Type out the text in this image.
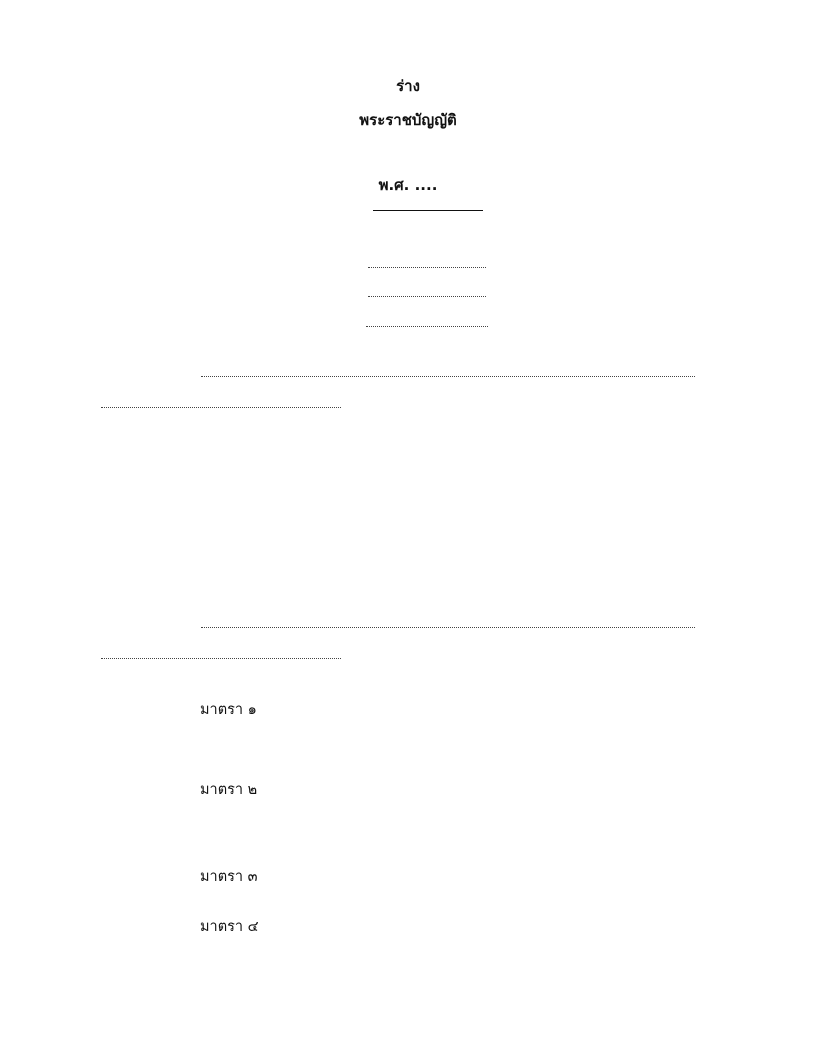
ร่าง
พระราชบัญญัติ
พ.ศ. ....
มาตรา ๑
มาตรา ๒
มาตรา ๓
มาตรา ๔
